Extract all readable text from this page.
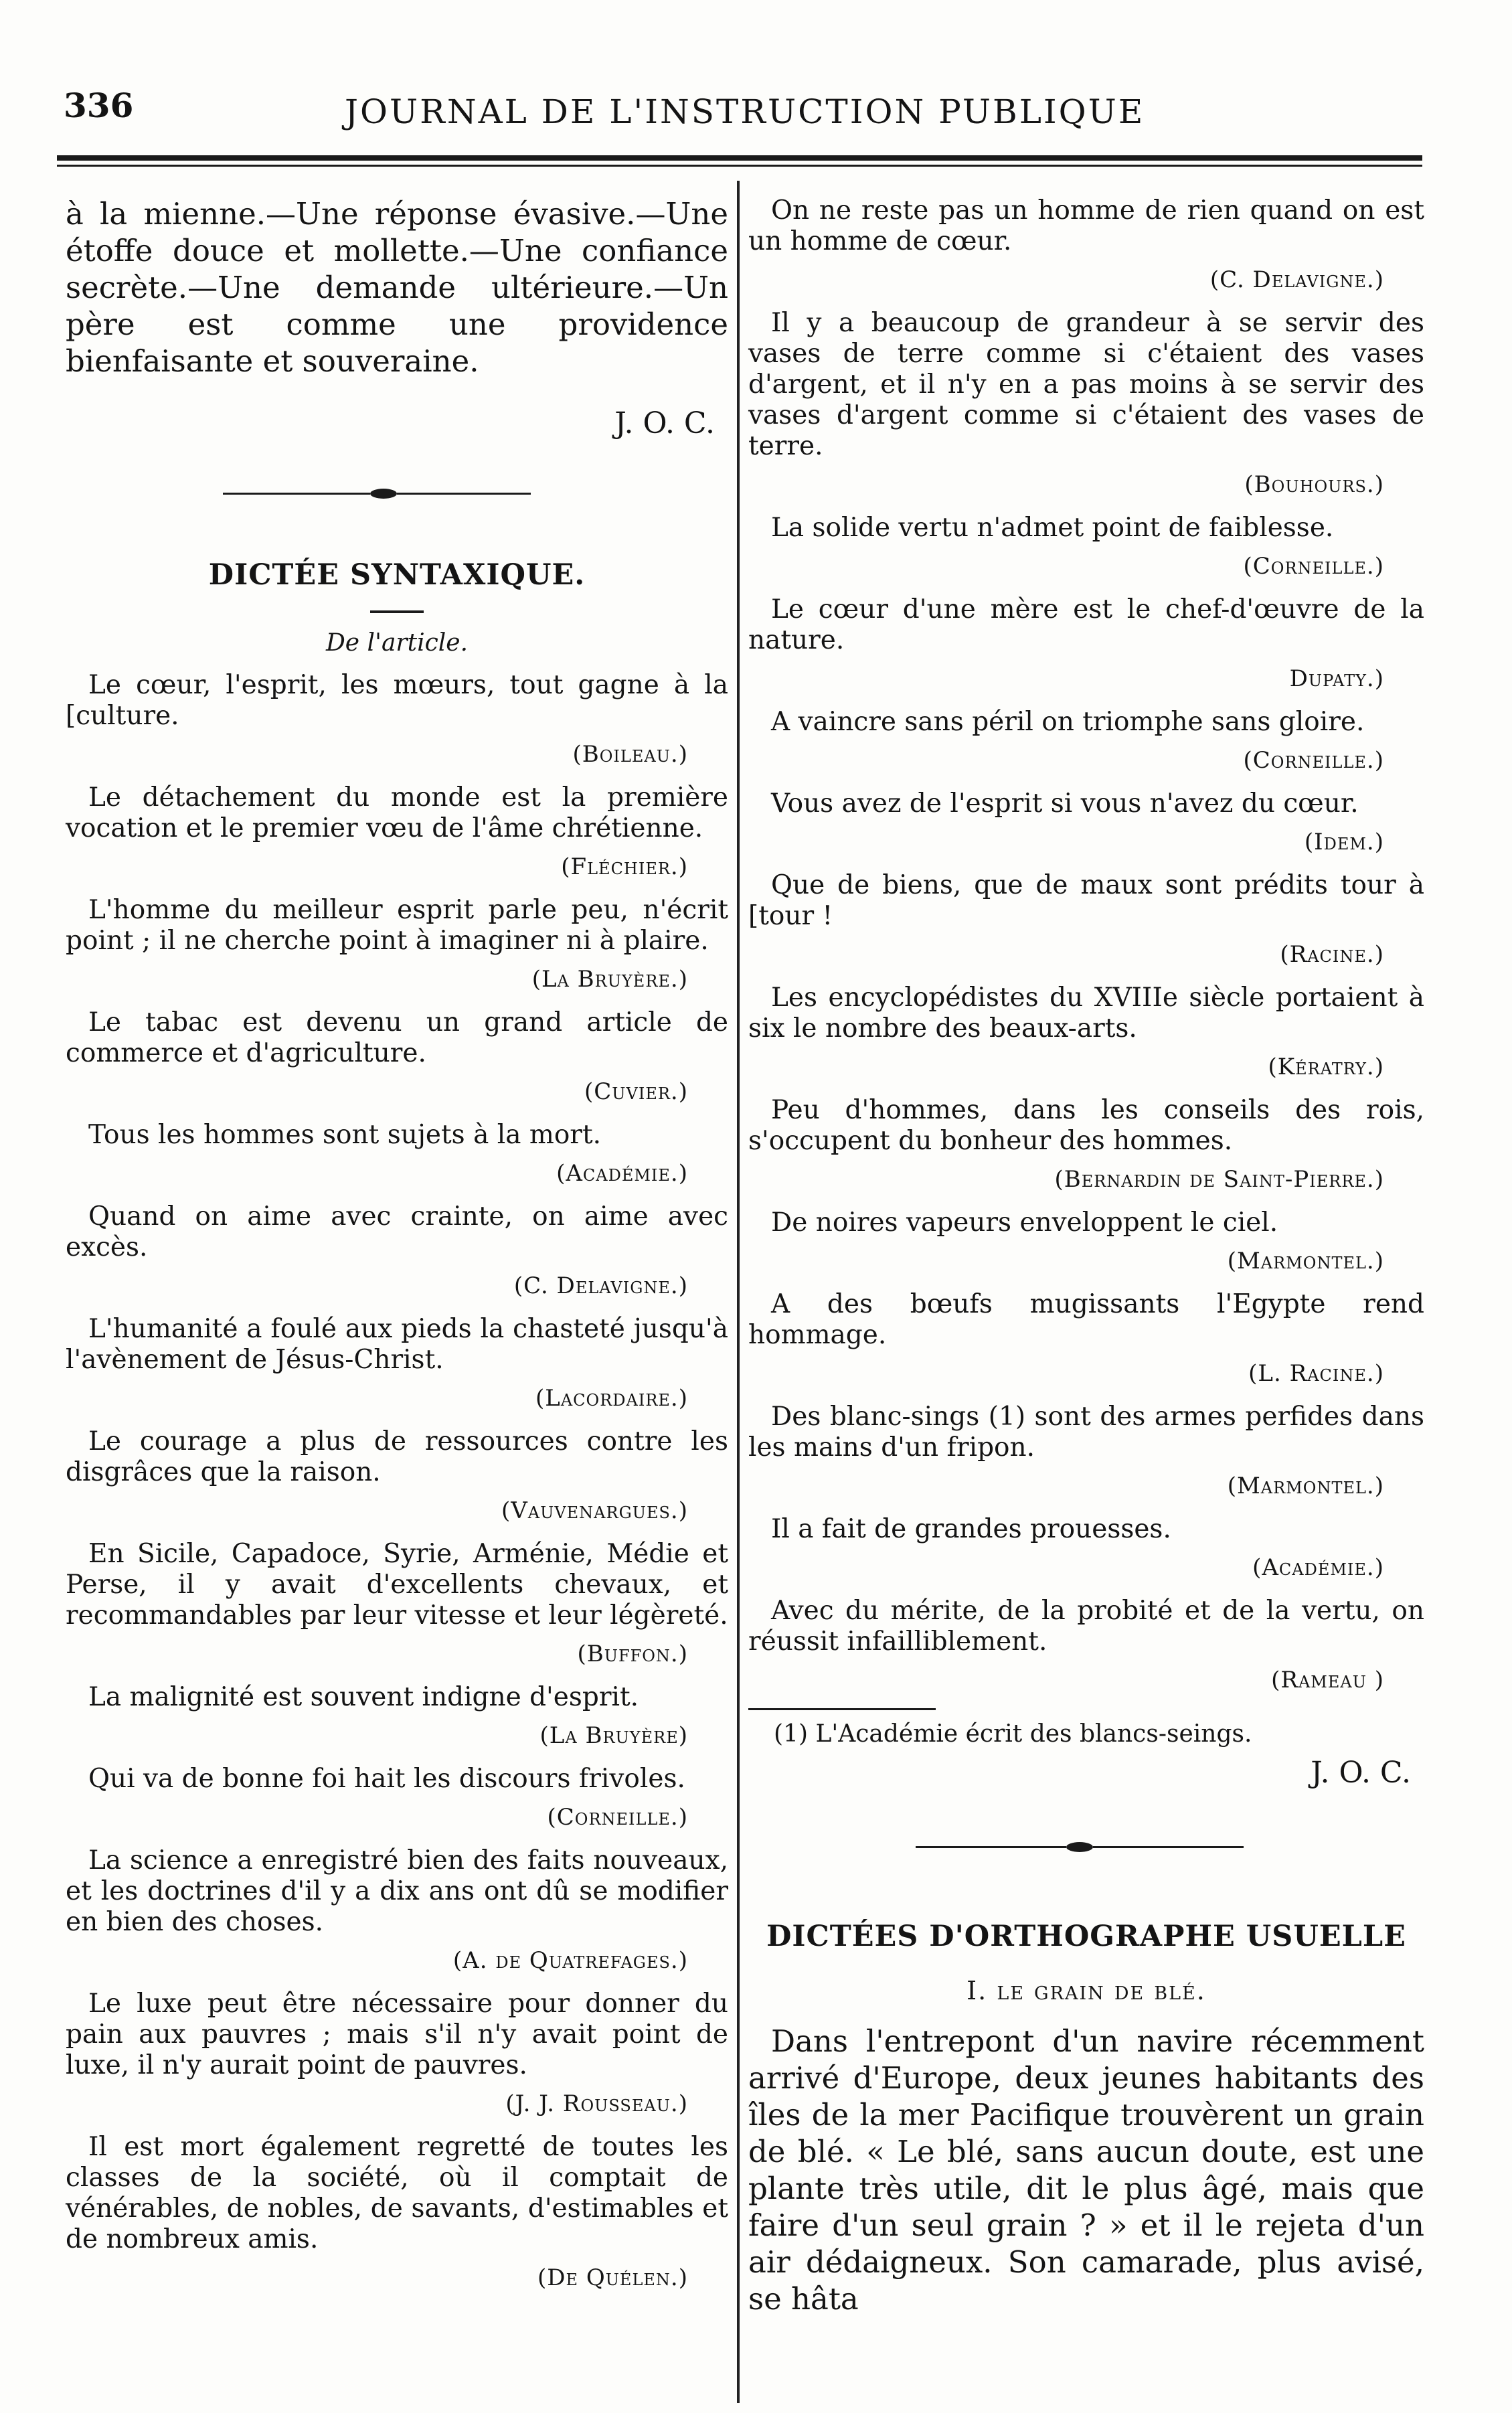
336	JOURNAL DE L'INSTRUCTION PUBLIQUE

à la mienne.—Une réponse évasive.—Une étoffe douce et mollette.—Une confiance secrète.—Une demande ultérieure.—Un père est comme une providence bienfaisante et souveraine.

J. O. C.

DICTÉE SYNTAXIQUE.

De l'article.

Le cœur, l'esprit, les mœurs, tout gagne à la [culture.

(Boileau.)

Le détachement du monde est la première vocation et le premier vœu de l'âme chrétienne.

(Fléchier.)

L'homme du meilleur esprit parle peu, n'écrit point ; il ne cherche point à imaginer ni à plaire.

(La Bruyère.)

Le tabac est devenu un grand article de commerce et d'agriculture.

(Cuvier.)

Tous les hommes sont sujets à la mort.

(Académie.)

Quand on aime avec crainte, on aime avec excès.

(C. Delavigne.)

L'humanité a foulé aux pieds la chasteté jusqu'à l'avènement de Jésus-Christ.

(Lacordaire.)

Le courage a plus de ressources contre les disgrâces que la raison.

(Vauvenargues.)

En Sicile, Capadoce, Syrie, Arménie, Médie et Perse, il y avait d'excellents chevaux, et recommandables par leur vitesse et leur légèreté.

(Buffon.)

La malignité est souvent indigne d'esprit.

(La Bruyère)

Qui va de bonne foi hait les discours frivoles.

(Corneille.)

La science a enregistré bien des faits nouveaux, et les doctrines d'il y a dix ans ont dû se modifier en bien des choses.

(A. de Quatrefages.)

Le luxe peut être nécessaire pour donner du pain aux pauvres ; mais s'il n'y avait point de luxe, il n'y aurait point de pauvres.

(J. J. Rousseau.)

Il est mort également regretté de toutes les classes de la société, où il comptait de vénérables, de nobles, de savants, d'estimables et de nombreux amis.

(De Quélen.)

On ne reste pas un homme de rien quand on est un homme de cœur.

(C. Delavigne.)

Il y a beaucoup de grandeur à se servir des vases de terre comme si c'étaient des vases d'argent, et il n'y en a pas moins à se servir des vases d'argent comme si c'étaient des vases de terre.

(Bouhours.)

La solide vertu n'admet point de faiblesse.

(Corneille.)

Le cœur d'une mère est le chef-d'œuvre de la nature.

Dupaty.)

A vaincre sans péril on triomphe sans gloire.

(Corneille.)

Vous avez de l'esprit si vous n'avez du cœur.

(Idem.)

Que de biens, que de maux sont prédits tour à [tour !

(Racine.)

Les encyclopédistes du XVIIIe siècle portaient à six le nombre des beaux-arts.

(Kératry.)

Peu d'hommes, dans les conseils des rois, s'occupent du bonheur des hommes.

(Bernardin de Saint-Pierre.)

De noires vapeurs enveloppent le ciel.

(Marmontel.)

A des bœufs mugissants l'Egypte rend hommage.

(L. Racine.)

Des blanc-sings (1) sont des armes perfides dans les mains d'un fripon.

(Marmontel.)

Il a fait de grandes prouesses.

(Académie.)

Avec du mérite, de la probité et de la vertu, on réussit infailliblement.

(Rameau )

(1) L'Académie écrit des blancs-seings.

J. O. C.

DICTÉES D'ORTHOGRAPHE USUELLE

I. le grain de blé.

Dans l'entrepont d'un navire récemment arrivé d'Europe, deux jeunes habitants des îles de la mer Pacifique trouvèrent un grain de blé. « Le blé, sans aucun doute, est une plante très utile, dit le plus âgé, mais que faire d'un seul grain ? » et il le rejeta d'un air dédaigneux. Son camarade, plus avisé, se hâta
